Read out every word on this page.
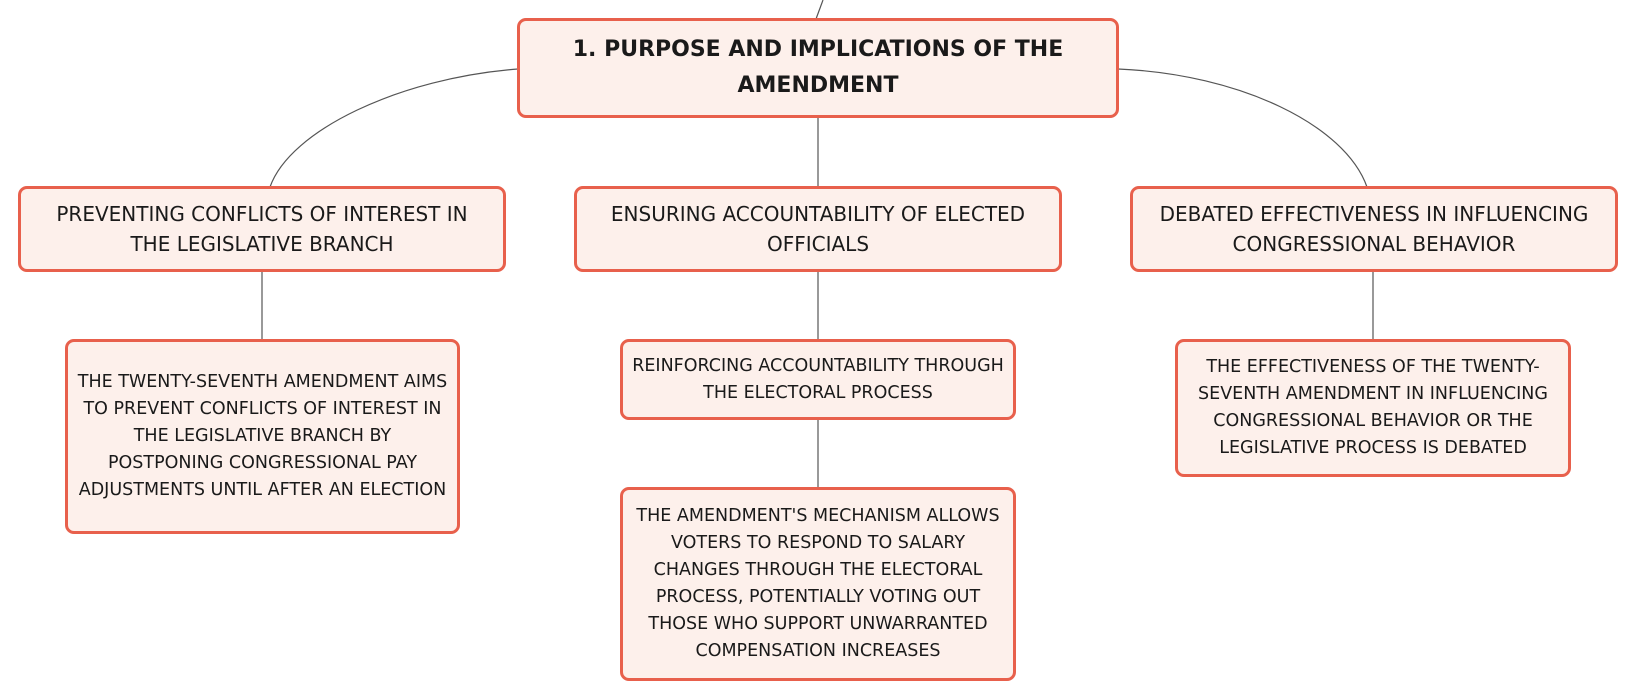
1. PURPOSE AND IMPLICATIONS OF THE AMENDMENT
PREVENTING CONFLICTS OF INTEREST IN THE LEGISLATIVE BRANCH
ENSURING ACCOUNTABILITY OF ELECTED OFFICIALS
DEBATED EFFECTIVENESS IN INFLUENCING CONGRESSIONAL BEHAVIOR
THE TWENTY-SEVENTH AMENDMENT AIMS TO PREVENT CONFLICTS OF INTEREST IN THE LEGISLATIVE BRANCH BY POSTPONING CONGRESSIONAL PAY ADJUSTMENTS UNTIL AFTER AN ELECTION
REINFORCING ACCOUNTABILITY THROUGH THE ELECTORAL PROCESS
THE AMENDMENT'S MECHANISM ALLOWS VOTERS TO RESPOND TO SALARY CHANGES THROUGH THE ELECTORAL PROCESS, POTENTIALLY VOTING OUT THOSE WHO SUPPORT UNWARRANTED COMPENSATION INCREASES
THE EFFECTIVENESS OF THE TWENTY-SEVENTH AMENDMENT IN INFLUENCING CONGRESSIONAL BEHAVIOR OR THE LEGISLATIVE PROCESS IS DEBATED
